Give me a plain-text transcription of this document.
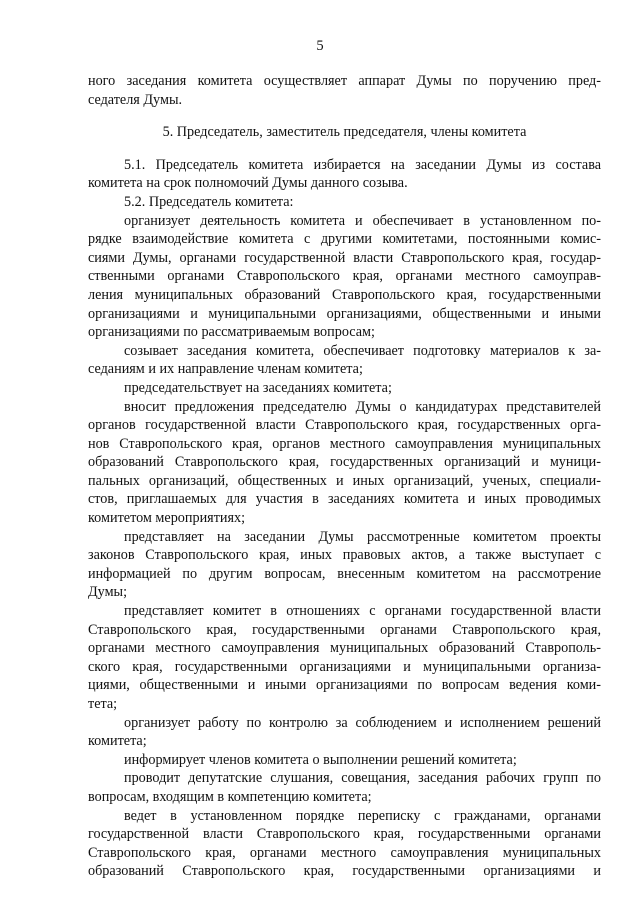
5
ного заседания комитета осуществляет аппарат Думы по поручению пред-
седателя Думы.
5. Председатель, заместитель председателя, члены комитета
5.1. Председатель комитета избирается на заседании Думы из состава
комитета на срок полномочий Думы данного созыва.
5.2. Председатель комитета:
организует деятельность комитета и обеспечивает в установленном по-
рядке взаимодействие комитета с другими комитетами, постоянными комис-
сиями Думы, органами государственной власти Ставропольского края, государ-
ственными органами Ставропольского края, органами местного самоуправ-
ления муниципальных образований Ставропольского края, государственными
организациями и муниципальными организациями, общественными и иными
организациями по рассматриваемым вопросам;
созывает заседания комитета, обеспечивает подготовку материалов к за-
седаниям и их направление членам комитета;
председательствует на заседаниях комитета;
вносит предложения председателю Думы о кандидатурах представителей
органов государственной власти Ставропольского края, государственных орга-
нов Ставропольского края, органов местного самоуправления муниципальных
образований Ставропольского края, государственных организаций и муници-
пальных организаций, общественных и иных организаций, ученых, специали-
стов, приглашаемых для участия в заседаниях комитета и иных проводимых
комитетом мероприятиях;
представляет на заседании Думы рассмотренные комитетом проекты
законов Ставропольского края, иных правовых актов, а также выступает с
информацией по другим вопросам, внесенным комитетом на рассмотрение
Думы;
представляет комитет в отношениях с органами государственной власти
Ставропольского края, государственными органами Ставропольского края,
органами местного самоуправления муниципальных образований Ставрополь-
ского края, государственными организациями и муниципальными организа-
циями, общественными и иными организациями по вопросам ведения коми-
тета;
организует работу по контролю за соблюдением и исполнением решений
комитета;
информирует членов комитета о выполнении решений комитета;
проводит депутатские слушания, совещания, заседания рабочих групп по
вопросам, входящим в компетенцию комитета;
ведет в установленном порядке переписку с гражданами, органами
государственной власти Ставропольского края, государственными органами
Ставропольского края, органами местного самоуправления муниципальных
образований Ставропольского края, государственными организациями и
